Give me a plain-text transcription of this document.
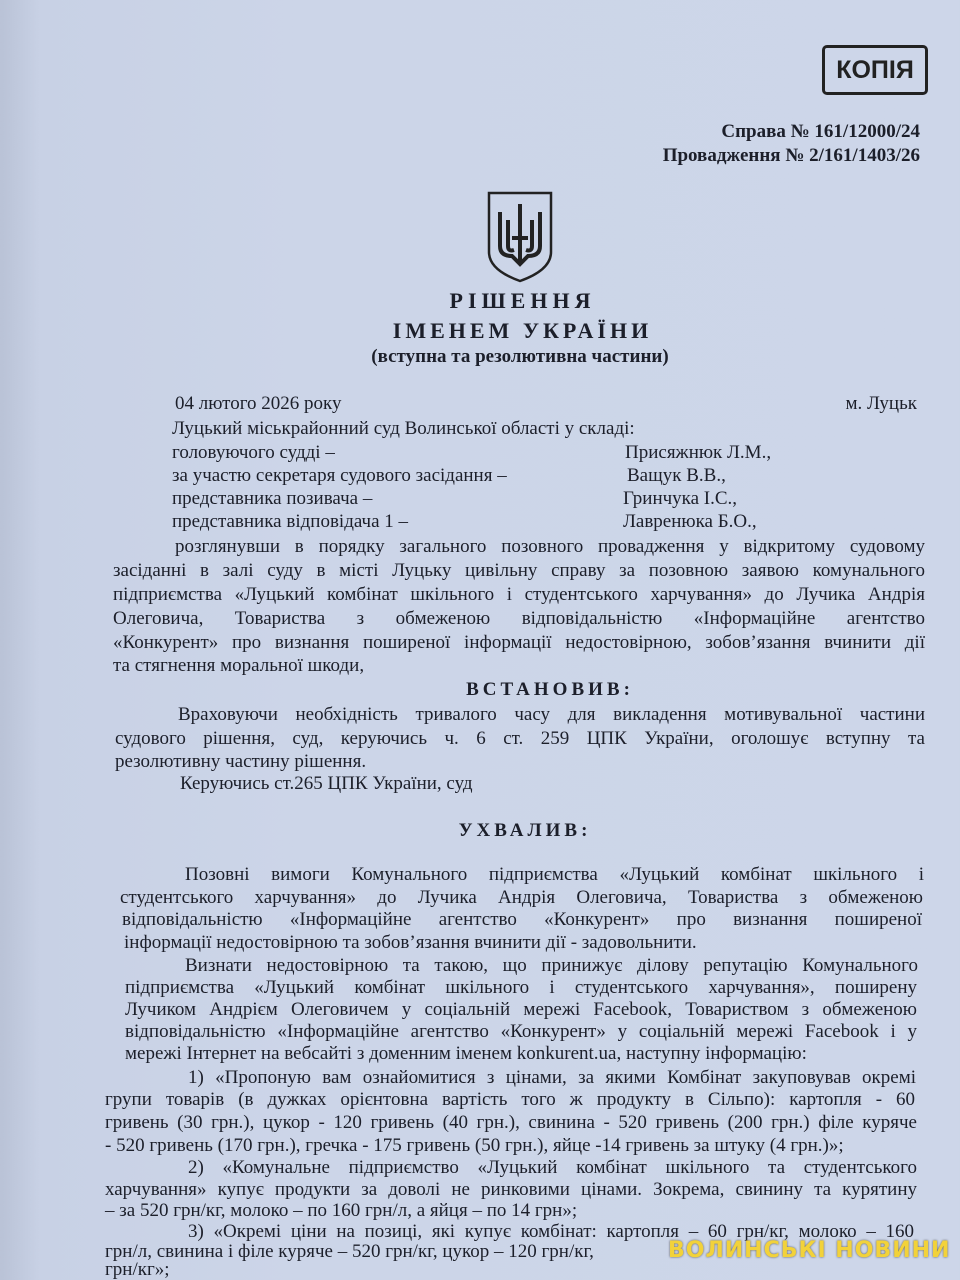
КОПІЯ
Справа № 161/12000/24
Провадження № 2/161/1403/26
РІШЕННЯ
ІМЕНЕМ УКРАЇНИ
(вступна та резолютивна частини)
04 лютого 2026 року	м. Луцьк
Луцький міськрайонний суд Волинської області у складі:
головуючого судді –	Присяжнюк Л.М.,
за участю секретаря судового засідання –	Ващук В.В.,
представника позивача –	Гринчука І.С.,
представника відповідача 1 –	Лавренюка Б.О.,
розглянувши в порядку загального позовного провадження у відкритому судовому
засіданні в залі суду в місті Луцьку цивільну справу за позовною заявою комунального
підприємства «Луцький комбінат шкільного і студентського харчування» до Лучика Андрія
Олеговича, Товариства з обмеженою відповідальністю «Інформаційне агентство
«Конкурент» про визнання поширеної інформації недостовірною, зобов’язання вчинити дії
та стягнення моральної шкоди,
ВСТАНОВИВ:
Враховуючи необхідність тривалого часу для викладення мотивувальної частини
судового рішення, суд, керуючись ч. 6 ст. 259 ЦПК України, оголошує вступну та
резолютивну частину рішення.
Керуючись ст.265 ЦПК України, суд
УХВАЛИВ:
Позовні вимоги Комунального підприємства «Луцький комбінат шкільного і
студентського харчування» до Лучика Андрія Олеговича, Товариства з обмеженою
відповідальністю «Інформаційне агентство «Конкурент» про визнання поширеної
інформації недостовірною та зобов’язання вчинити дії - задовольнити.
Визнати недостовірною та такою, що принижує ділову репутацію Комунального
підприємства «Луцький комбінат шкільного і студентського харчування», поширену
Лучиком Андрієм Олеговичем у соціальній мережі Facebook, Товариством з обмеженою
відповідальністю «Інформаційне агентство «Конкурент» у соціальній мережі Facebook і у
мережі Інтернет на вебсайті з доменним іменем konkurent.ua, наступну інформацію:
1) «Пропоную вам ознайомитися з цінами, за якими Комбінат закуповував окремі
групи товарів (в дужках орієнтовна вартість того ж продукту в Сільпо): картопля - 60
гривень (30 грн.), цукор - 120 гривень (40 грн.), свинина - 520 гривень (200 грн.) філе куряче
- 520 гривень (170 грн.), гречка - 175 гривень (50 грн.), яйце -14 гривень за штуку (4 грн.)»;
2) «Комунальне підприємство «Луцький комбінат шкільного та студентського
харчування» купує продукти за доволі не ринковими цінами. Зокрема, свинину та курятину
– за 520 грн/кг, молоко – по 160 грн/л, а яйця – по 14 грн»;
3) «Окремі ціни на позиці, які купує комбінат: картопля – 60 грн/кг, молоко – 160
грн/л, свинина і філе куряче – 520 грн/кг, цукор – 120 грн/кг,
грн/кг»;
ВОЛИНСЬКІ НОВИНИ
